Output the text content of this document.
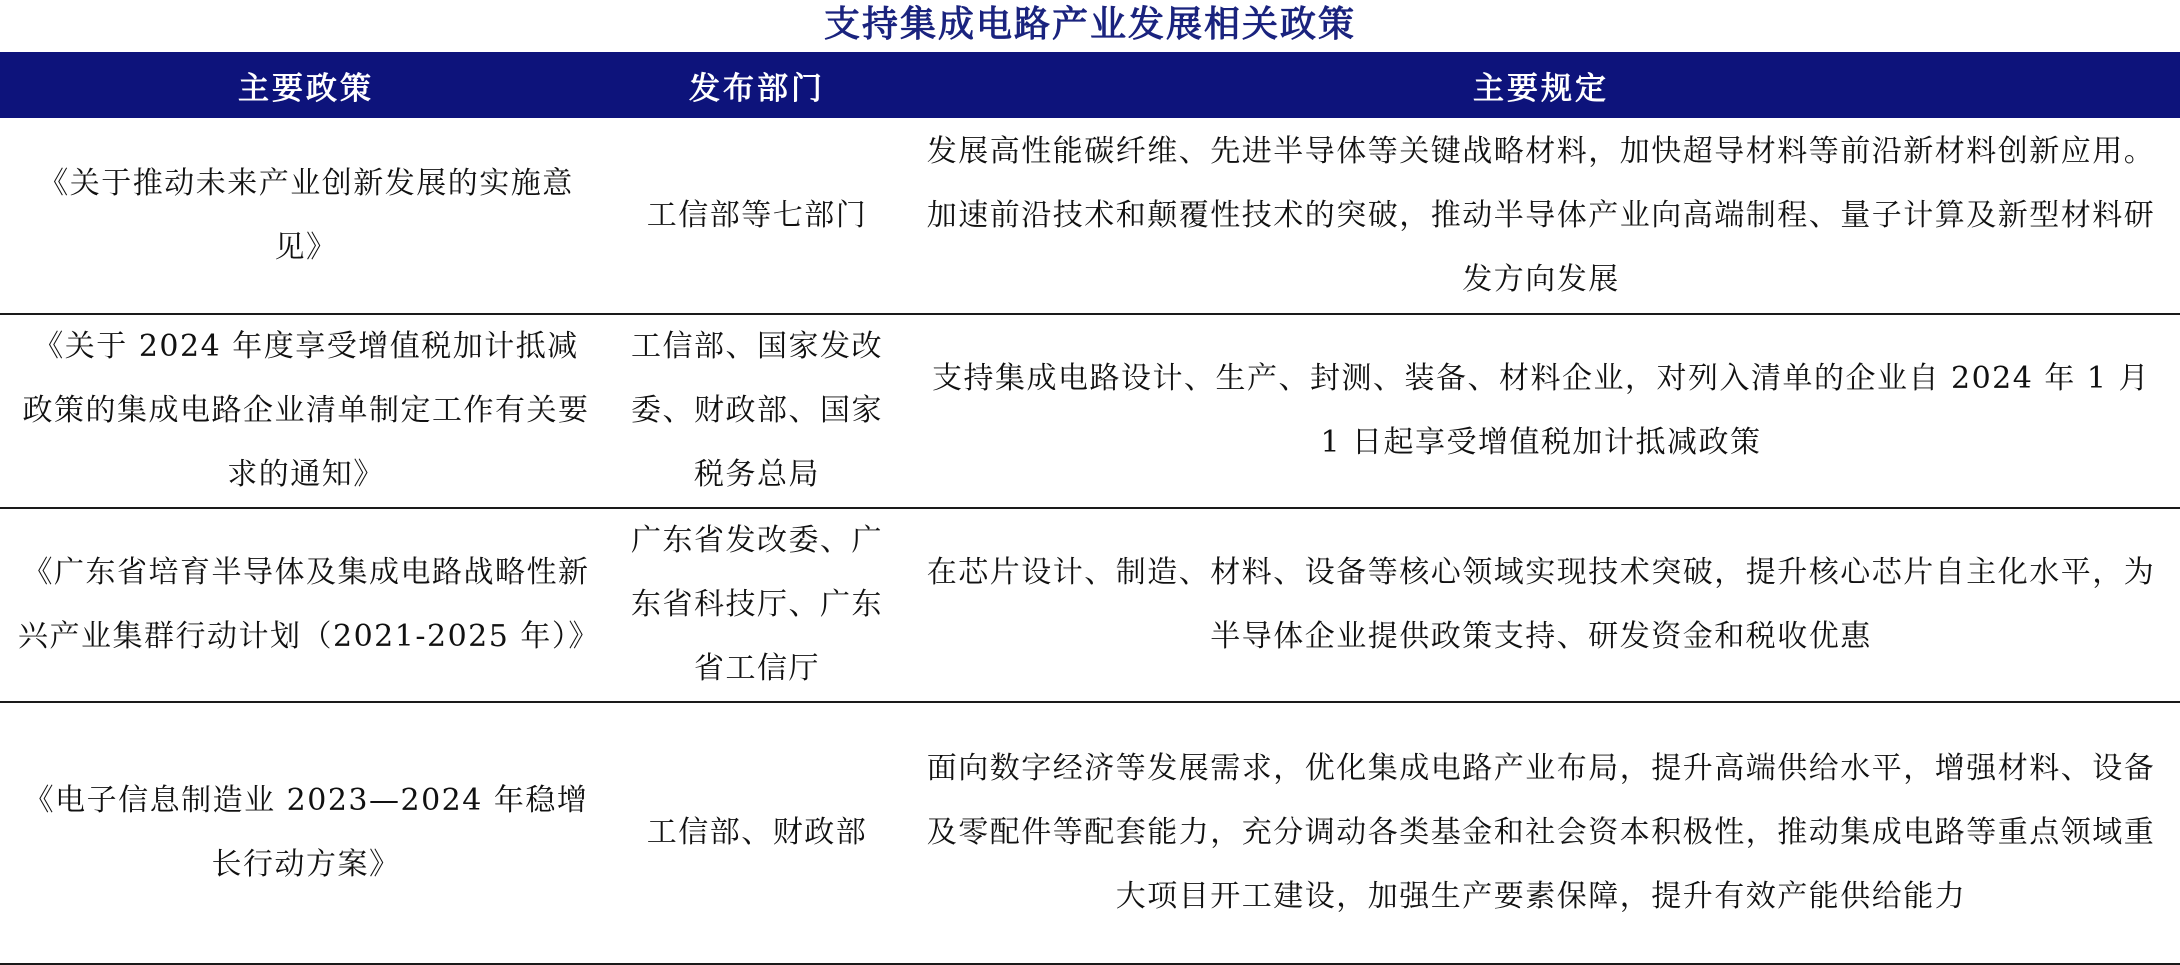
支持集成电路产业发展相关政策
主要政策	发布部门	主要规定
《关于推动未来产业创新发展的实施意见》	工信部等七部门	发展高性能碳纤维、先进半导体等关键战略材料，加快超导材料等前沿新材料创新应用。加速前沿技术和颠覆性技术的突破，推动半导体产业向高端制程、量子计算及新型材料研发方向发展
《关于 2024 年度享受增值税加计抵减政策的集成电路企业清单制定工作有关要求的通知》	工信部、国家发改委、财政部、国家税务总局	支持集成电路设计、生产、封测、装备、材料企业，对列入清单的企业自 2024 年 1 月 1 日起享受增值税加计抵减政策
《广东省培育半导体及集成电路战略性新兴产业集群行动计划（2021-2025 年）》	广东省发改委、广东省科技厅、广东省工信厅	在芯片设计、制造、材料、设备等核心领域实现技术突破，提升核心芯片自主化水平，为半导体企业提供政策支持、研发资金和税收优惠
《电子信息制造业 2023—2024 年稳增长行动方案》	工信部、财政部	面向数字经济等发展需求，优化集成电路产业布局，提升高端供给水平，增强材料、设备及零配件等配套能力，充分调动各类基金和社会资本积极性，推动集成电路等重点领域重大项目开工建设，加强生产要素保障，提升有效产能供给能力
